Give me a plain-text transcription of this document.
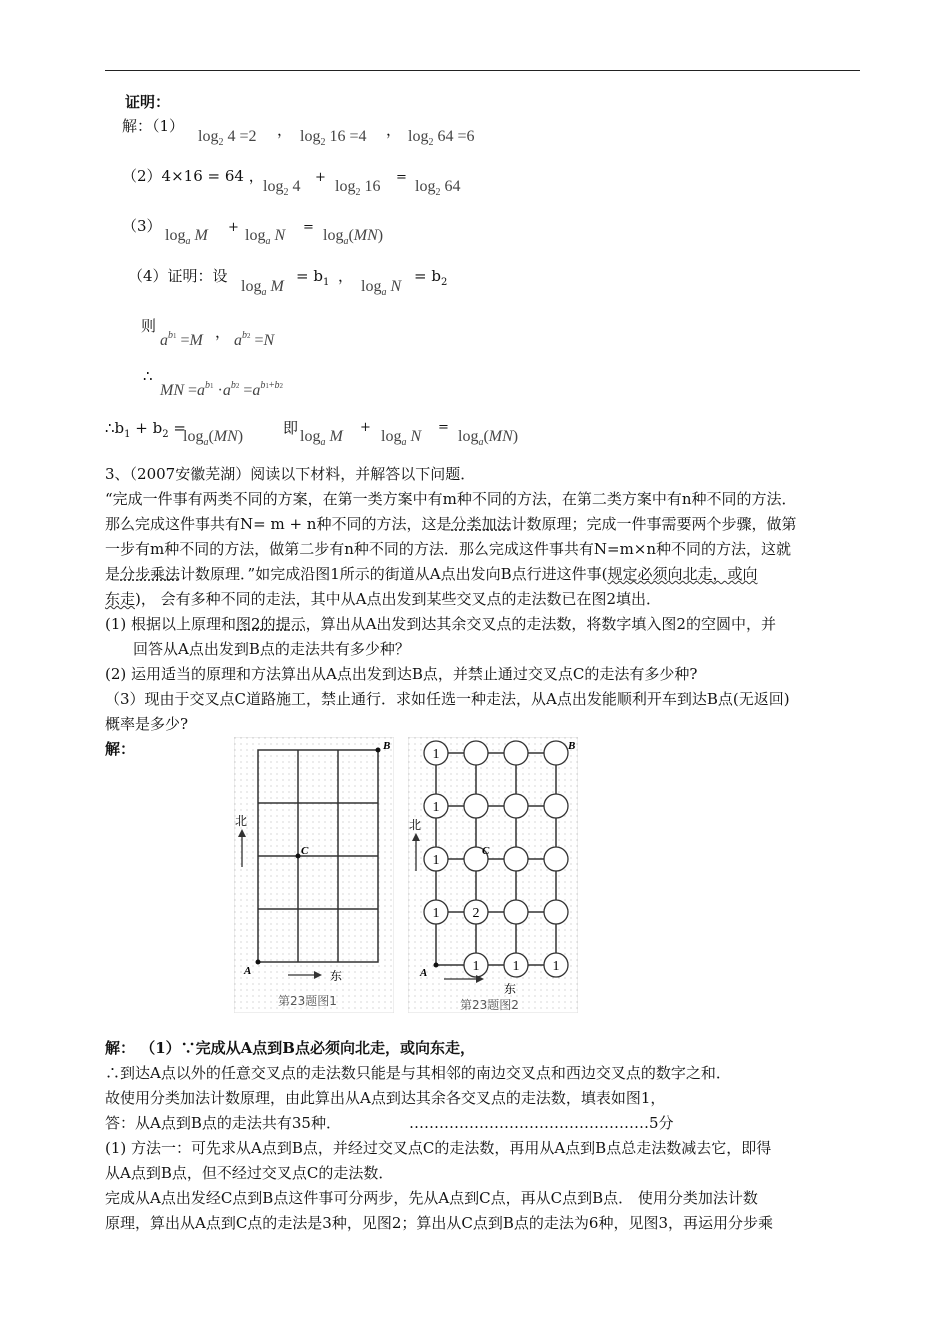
证明：
解：（1）
$\log_2 4 =2$ ， $\log_2 16 =4$ ， $\log_2 64 =6$
（2）4×16 = 64 ，
$\log_2 4$
+
$\log_2 16$
=
$\log_2 64$
（3）
$\log_a M + \log_a N = \log_a(MN)$
（4）证明：设
$\log_a M$
= $b_1$ ，
$\log_a N$
= $b_2$
则
$a^{b1} =M$ ， $a^{b2} =N$
∴
MN $=a^{b1} \cdot a^{b2} =a^{b1+b2}$
$\therefore b_1 + b_2$ =
$\log_a(MN)$	即 $\log_a M$
+
$\log_a N$
=
$\log_a(MN)$
3、（2007安徽芜湖）阅读以下材料，并解答以下问题．
“完成一件事有两类不同的方案，在第一类方案中有m种不同的方法，在第二类方案中有n种不同的方法．
那么完成这件事共有N= m + n种不同的方法，这是分类加法计数原理；完成一件事需要两个步骤，做第
一步有m种不同的方法，做第二步有n种不同的方法．那么完成这件事共有N=m×n种不同的方法，这就
是分步乘法计数原理．”如完成沿图1所示的街道从A点出发向B点行进这件事(规定必须向北走，或向
东走)， 会有多种不同的走法，其中从A点出发到某些交叉点的走法数已在图2填出．
(1) 根据以上原理和图2的提示，算出从A出发到达其余交叉点的走法数，将数字填入图2的空圆中，并
回答从A点出发到B点的走法共有多少种？
(2) 运用适当的原理和方法算出从A点出发到达B点，并禁止通过交叉点C的走法有多少种?
（3）现由于交叉点C道路施工，禁止通行．求如任选一种走法，从A点出发能顺利开车到达B点(无返回)
概率是多少?
解：
A
B
C
北
东
第23题图1
1
1
1
1 2
1 1 1
A
B
C
北
东
第23题图2
解： （1）∵完成从A点到B点必须向北走，或向东走，
∴到达A点以外的任意交叉点的走法数只能是与其相邻的南边交叉点和西边交叉点的数字之和．
故使用分类加法计数原理，由此算出从A点到达其余各交叉点的走法数，填表如图1，
答：从A点到B点的走法共有35种．	…………………………………………5分
(1) 方法一：可先求从A点到B点，并经过交叉点C的走法数，再用从A点到B点总走法数减去它，即得
从A点到B点，但不经过交叉点C的走法数．
完成从A点出发经C点到B点这件事可分两步，先从A点到C点，再从C点到B点． 使用分类加法计数
原理，算出从A点到C点的走法是3种，见图2；算出从C点到B点的走法为6种，见图3，再运用分步乘
